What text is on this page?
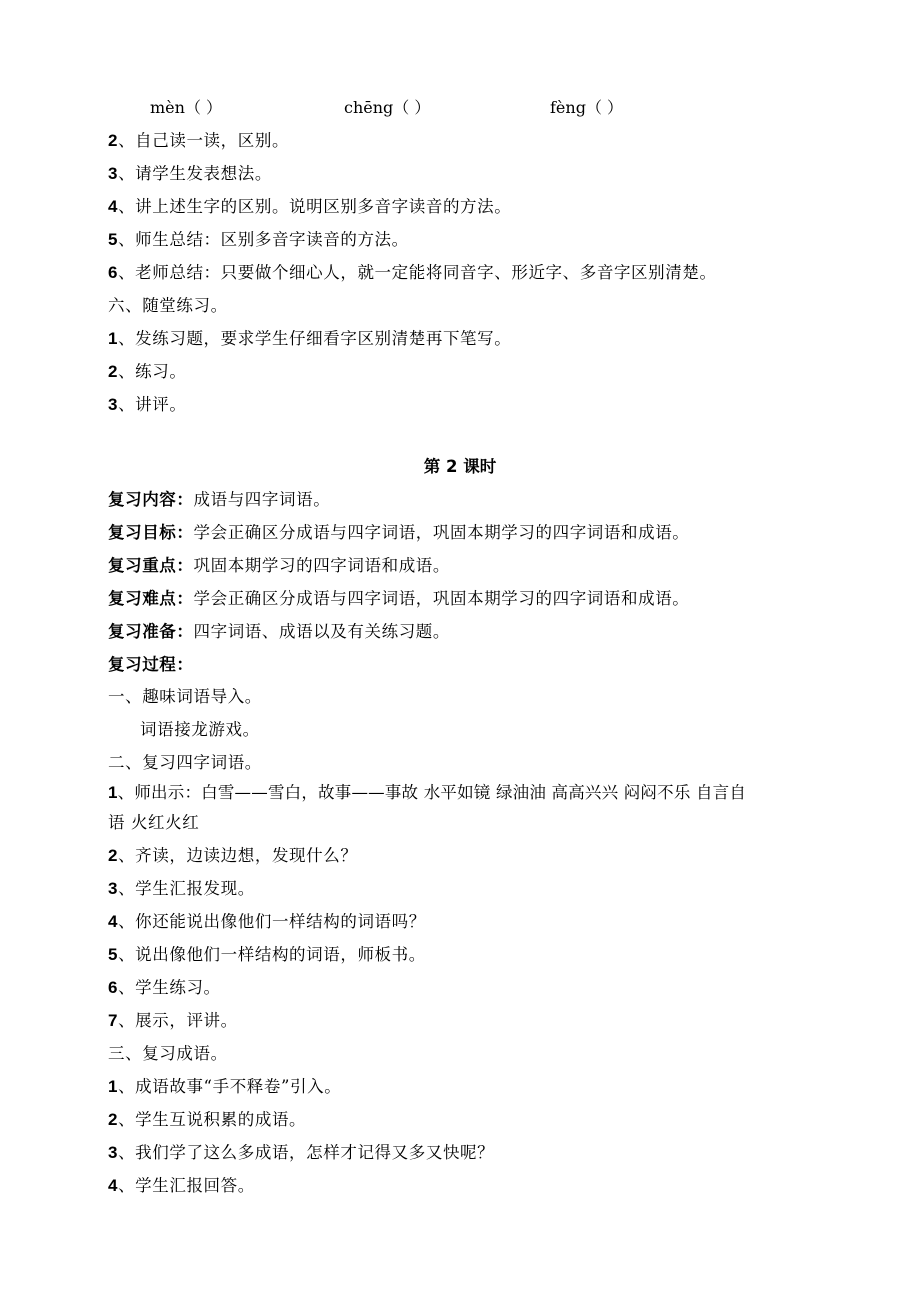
mèn（ ）	chēng（ ）	fèng（ ）
2、自己读一读，区别。
3、请学生发表想法。
4、讲上述生字的区别。说明区别多音字读音的方法。
5、师生总结：区别多音字读音的方法。
6、老师总结：只要做个细心人，就一定能将同音字、形近字、多音字区别清楚。
六、随堂练习。
1、发练习题，要求学生仔细看字区别清楚再下笔写。
2、练习。
3、讲评。
第 2 课时
复习内容：成语与四字词语。
复习目标：学会正确区分成语与四字词语，巩固本期学习的四字词语和成语。
复习重点：巩固本期学习的四字词语和成语。
复习难点：学会正确区分成语与四字词语，巩固本期学习的四字词语和成语。
复习准备：四字词语、成语以及有关练习题。
复习过程：
一、趣味词语导入。
词语接龙游戏。
二、复习四字词语。
1、师出示：白雪——雪白，故事——事故 水平如镜 绿油油 高高兴兴 闷闷不乐 自言自
语 火红火红
2、齐读，边读边想，发现什么？
3、学生汇报发现。
4、你还能说出像他们一样结构的词语吗？
5、说出像他们一样结构的词语，师板书。
6、学生练习。
7、展示，评讲。
三、复习成语。
1、成语故事“手不释卷”引入。
2、学生互说积累的成语。
3、我们学了这么多成语，怎样才记得又多又快呢？
4、学生汇报回答。
